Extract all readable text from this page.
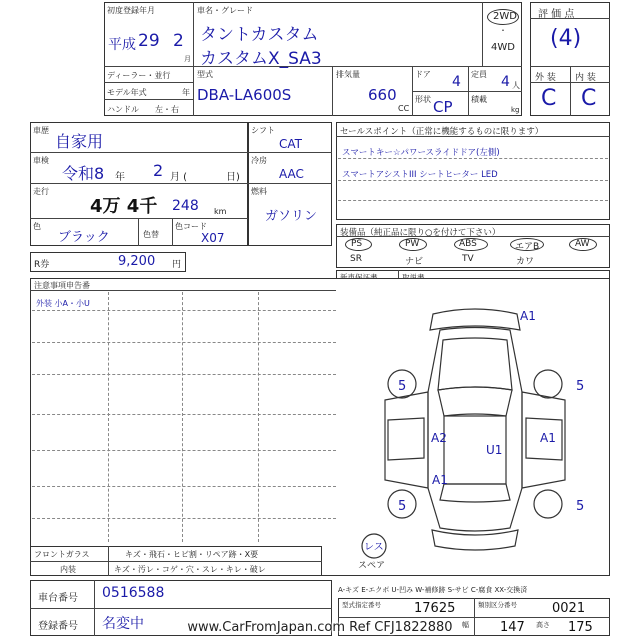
初度登録年月
平成 29 2
月
車名・グレード
タントカスタム
カスタムX_SA3
2WD
・
4WD
ディーラー・並行
モデル年式	年
ハンドル 左・右
型式
DBA-LA600S
排気量
660
CC
ドア 4
形状 CP
定員 4 人
積載
kg
評 価 点
(4)
外 装 内 装
C C
車歴
自家用
車検
令和8 年 2 月 (	日)
走行
4万 4千 248 km
色
ブラック	色替
色コード
X07
シフト
CAT
冷房
AAC
燃料
ガソリン
R券	9,200 円
セールスポイント（正常に機能するものに限ります）
スマートキー☆パワースライドドア(左側)
スマートアシストIII シートヒーター LED
装備品（純正品に限り○を付けて下さい）
PS	PW	ABS	エアB	AW
SR	ナビ	TV	カワ
注意事項申告番
外装 小A・小U
A1
5	5
A2
U1
A1
A1
5	5
レス
スペア
フロントガラス	キズ・飛石・ヒビ割・リペア跡・X要
内装	キズ・汚レ・コゲ・穴・スレ・キレ・破レ
A-キズ E-エクボ U-凹み W-補修跡 S-サビ C-腐食 XX-交換済
車台番号 0516588
登録番号 名変中
型式指定番号	17625	類別区分番号	0021
幅 147 高さ 175
www.CarFromJapan.com Ref CFJ1822880
